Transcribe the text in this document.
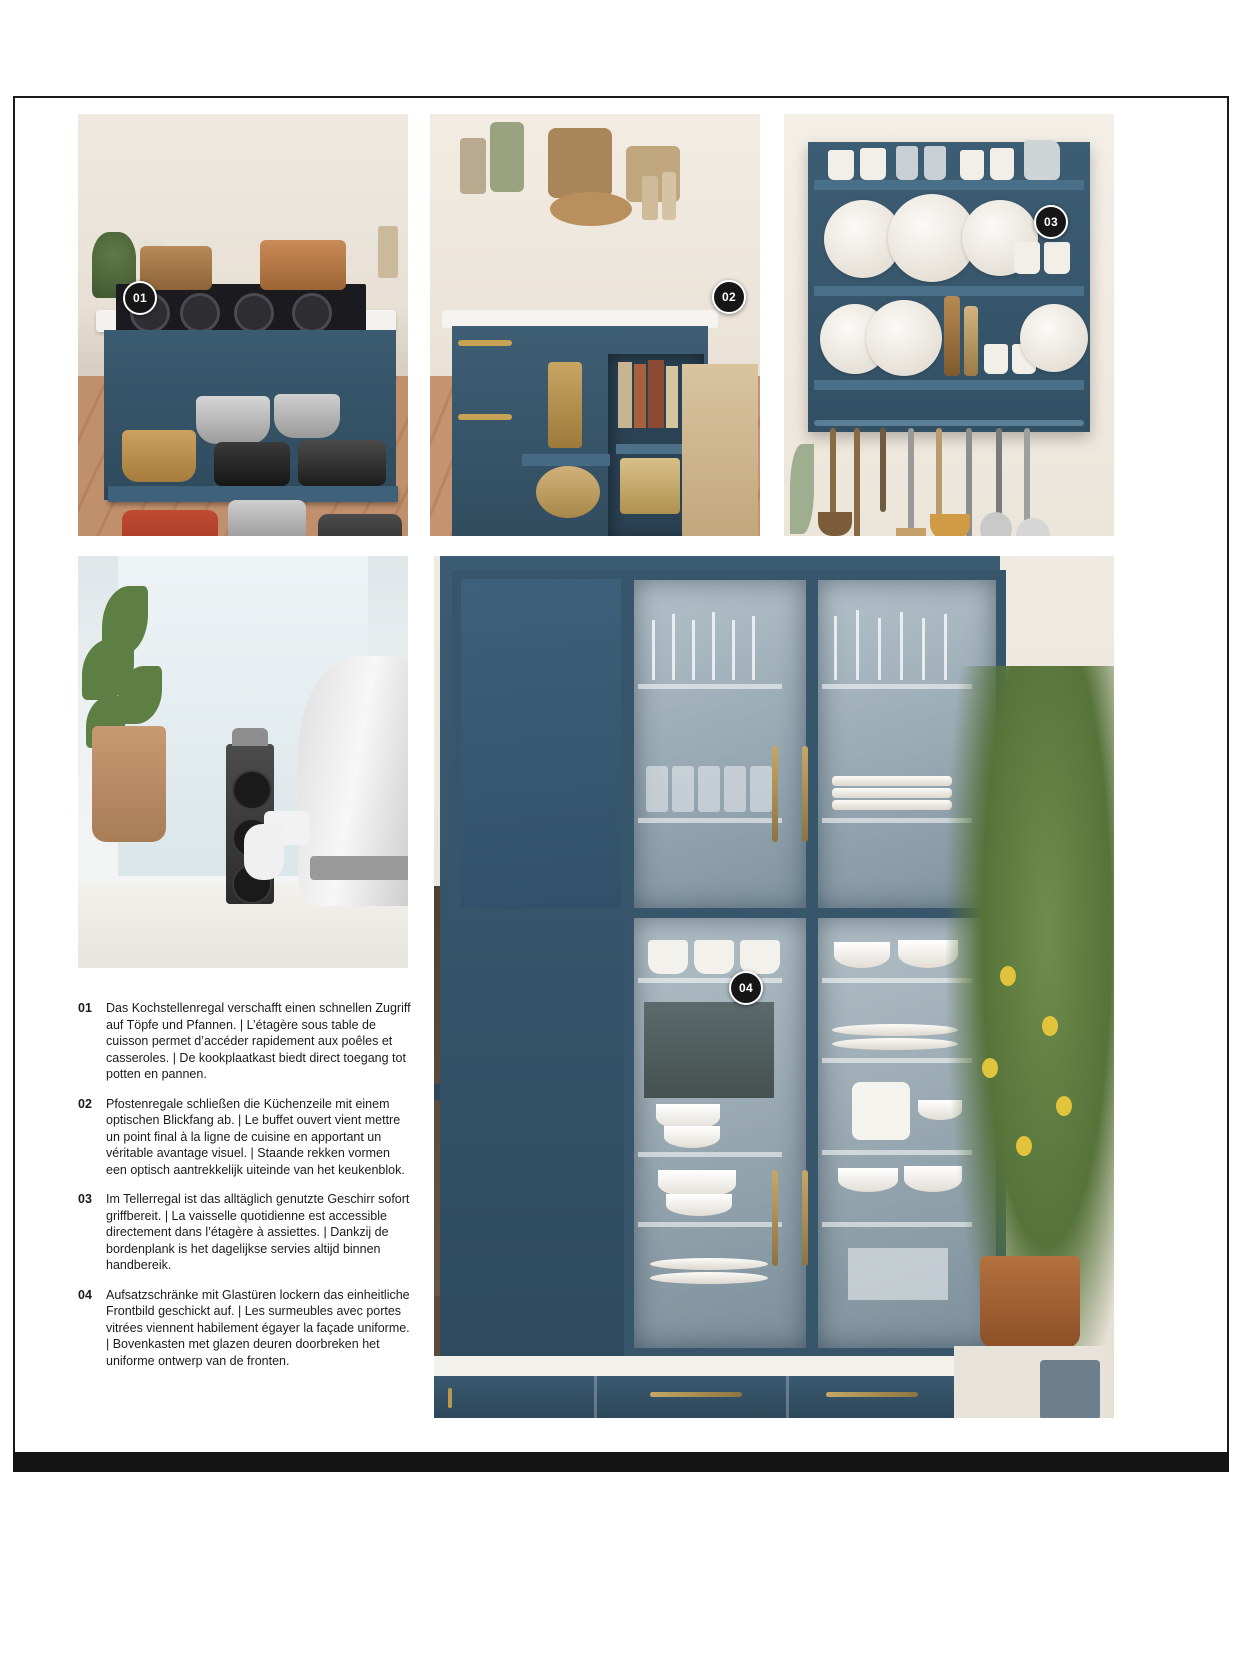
01	02
03
04
01	Das Kochstellenregal verschafft einen schnellen Zugriff auf Töpfe und Pfannen. | L’étagère sous table de cuisson permet d’accéder rapidement aux poêles et casseroles. | De kookplaatkast biedt direct toegang tot potten en pannen.
02	Pfostenregale schließen die Küchenzeile mit einem optischen Blickfang ab. | Le buffet ouvert vient mettre un point final à la ligne de cuisine en apportant un véritable avantage visuel. | Staande rekken vormen een optisch aantrekkelijk uiteinde van het keukenblok.
03	Im Tellerregal ist das alltäglich genutzte Geschirr sofort griffbereit. | La vaisselle quotidienne est accessible directement dans l’étagère à assiettes. | Dankzij de bordenplank is het dagelijkse servies altijd binnen handbereik.
04	Aufsatzschränke mit Glastüren lockern das einheitliche Frontbild geschickt auf. | Les surmeubles avec portes vitrées viennent habilement égayer la façade uniforme. | Bovenkasten met glazen deuren doorbreken het uniforme ontwerp van de fronten.
